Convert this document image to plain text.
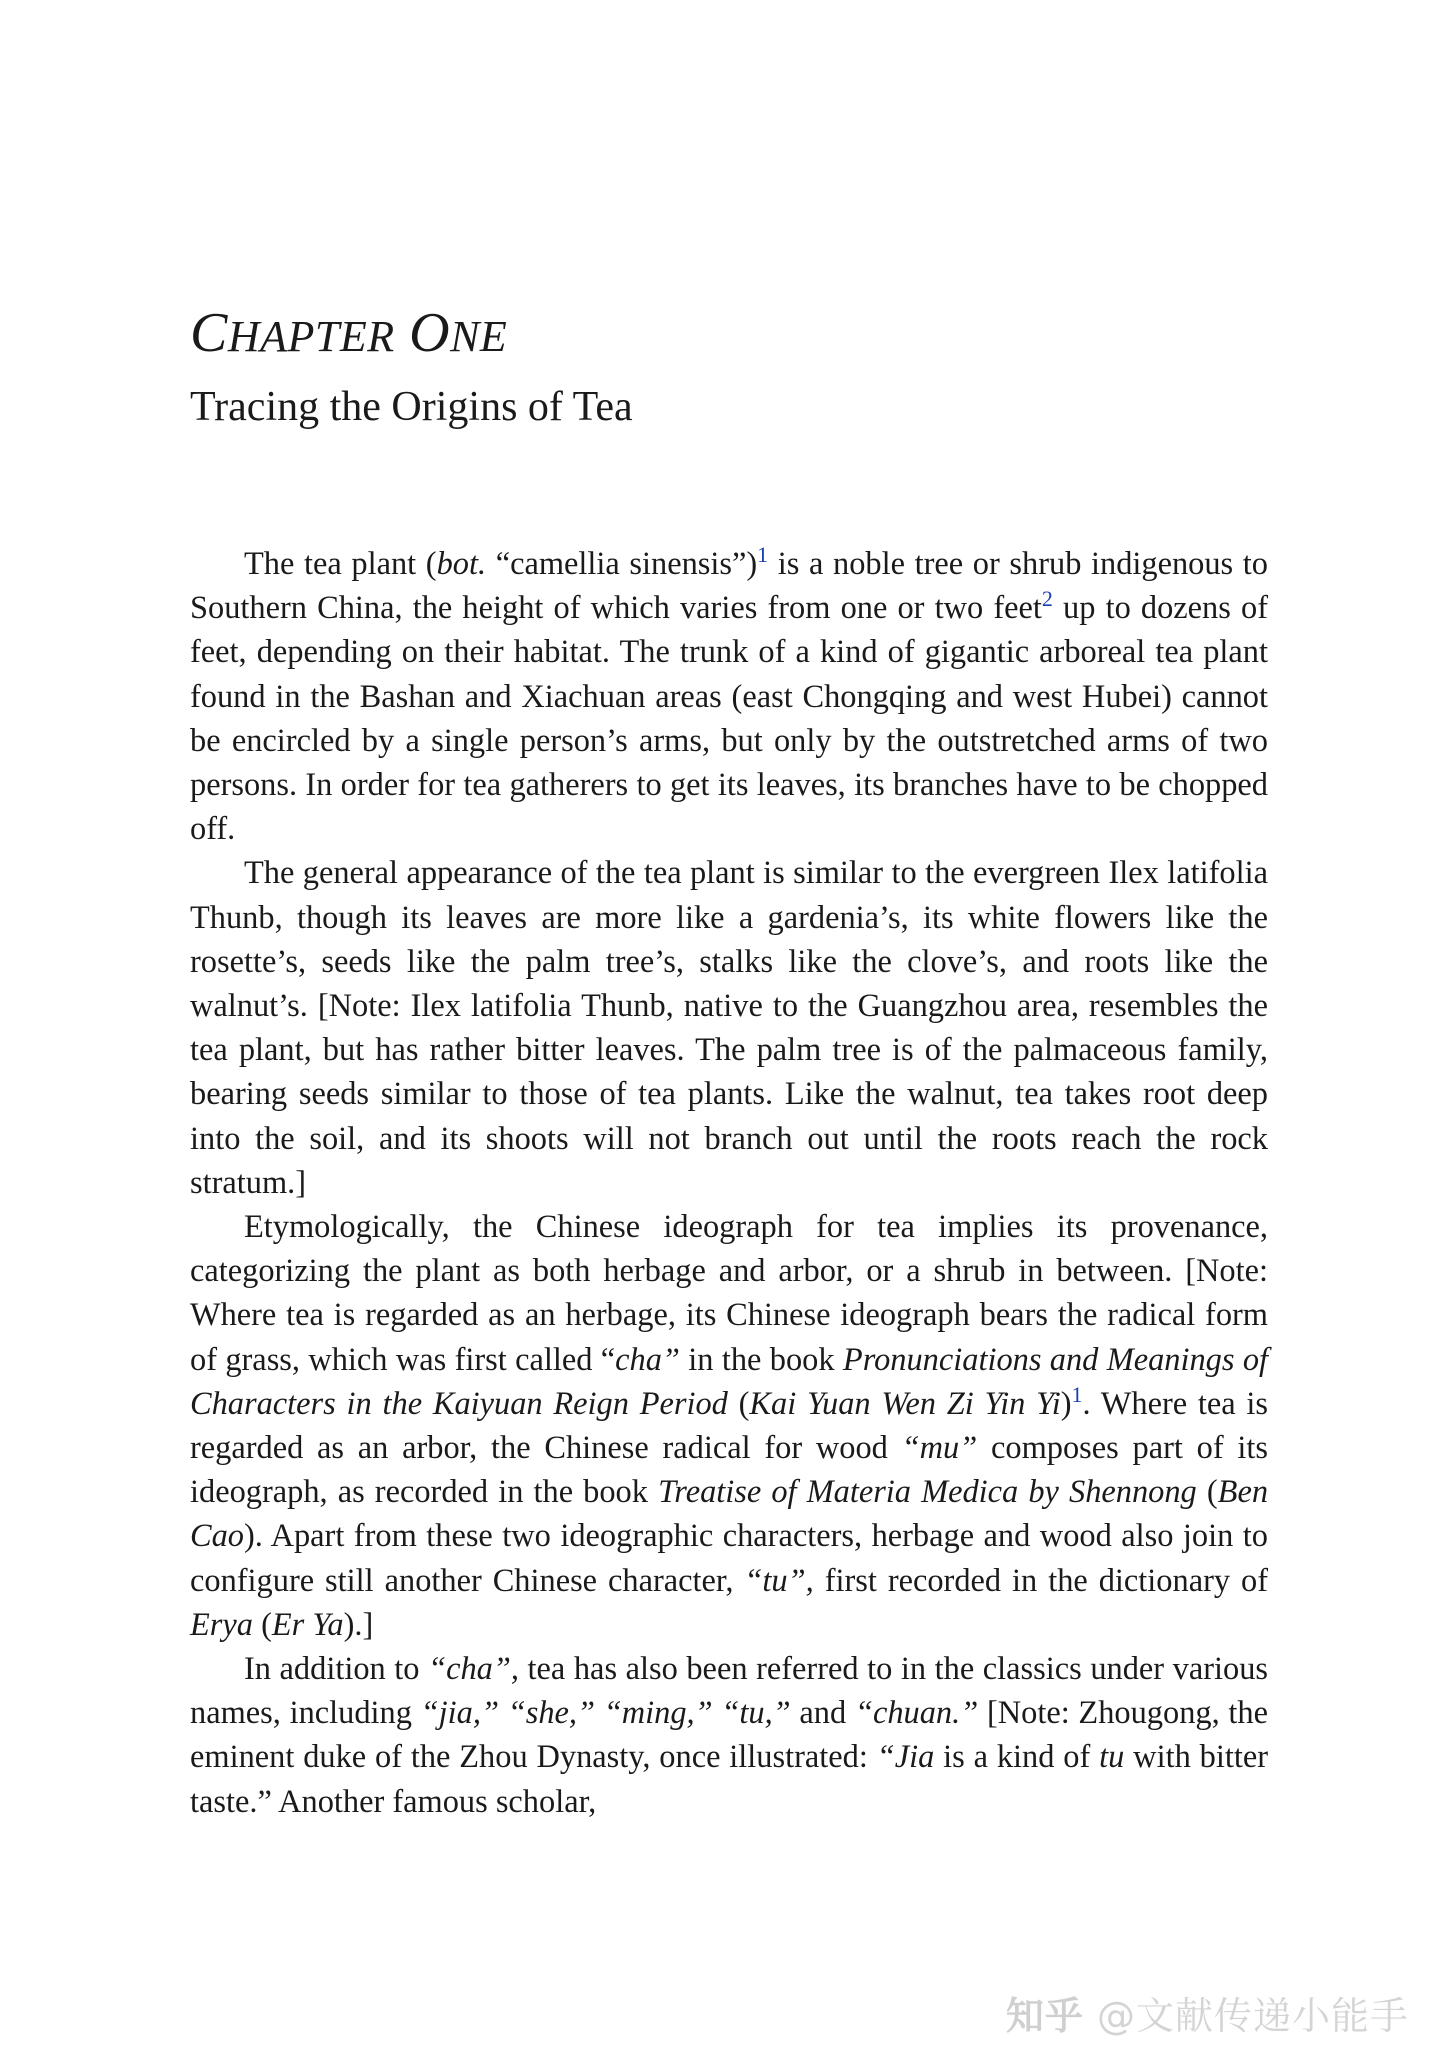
CHAPTER ONE
Tracing the Origins of Tea

The tea plant (bot. “camellia sinensis”)$^1$ is a noble tree or shrub indigenous to Southern China, the height of which varies from one or two feet$^2$ up to dozens of feet, depending on their habitat. The trunk of a kind of gigantic arboreal tea plant found in the Bashan and Xiachuan areas (east Chongqing and west Hubei) cannot be encircled by a single person’s arms, but only by the outstretched arms of two persons. In order for tea gatherers to get its leaves, its branches have to be chopped off.

The general appearance of the tea plant is similar to the evergreen Ilex latifolia Thunb, though its leaves are more like a gardenia’s, its white flowers like the rosette’s, seeds like the palm tree’s, stalks like the clove’s, and roots like the walnut’s. [Note: Ilex latifolia Thunb, native to the Guangzhou area, resembles the tea plant, but has rather bitter leaves. The palm tree is of the palmaceous family, bearing seeds similar to those of tea plants. Like the walnut, tea takes root deep into the soil, and its shoots will not branch out until the roots reach the rock stratum.]

Etymologically, the Chinese ideograph for tea implies its provenance, categorizing the plant as both herbage and arbor, or a shrub in between. [Note: Where tea is regarded as an herbage, its Chinese ideograph bears the radical form of grass, which was first called “cha” in the book Pronunciations and Meanings of Characters in the Kaiyuan Reign Period (Kai Yuan Wen Zi Yin Yi)$^1$. Where tea is regarded as an arbor, the Chinese radical for wood “mu” composes part of its ideograph, as recorded in the book Treatise of Materia Medica by Shennong (Ben Cao). Apart from these two ideographic characters, herbage and wood also join to configure still another Chinese character, “tu”, first recorded in the dictionary of Erya (Er Ya).]

In addition to “cha”, tea has also been referred to in the classics under various names, including “jia,” “she,” “ming,” “tu,” and “chuan.” [Note: Zhougong, the eminent duke of the Zhou Dynasty, once illustrated: “Jia is a kind of tu with bitter taste.” Another famous scholar,

知乎 @文献传递小能手
